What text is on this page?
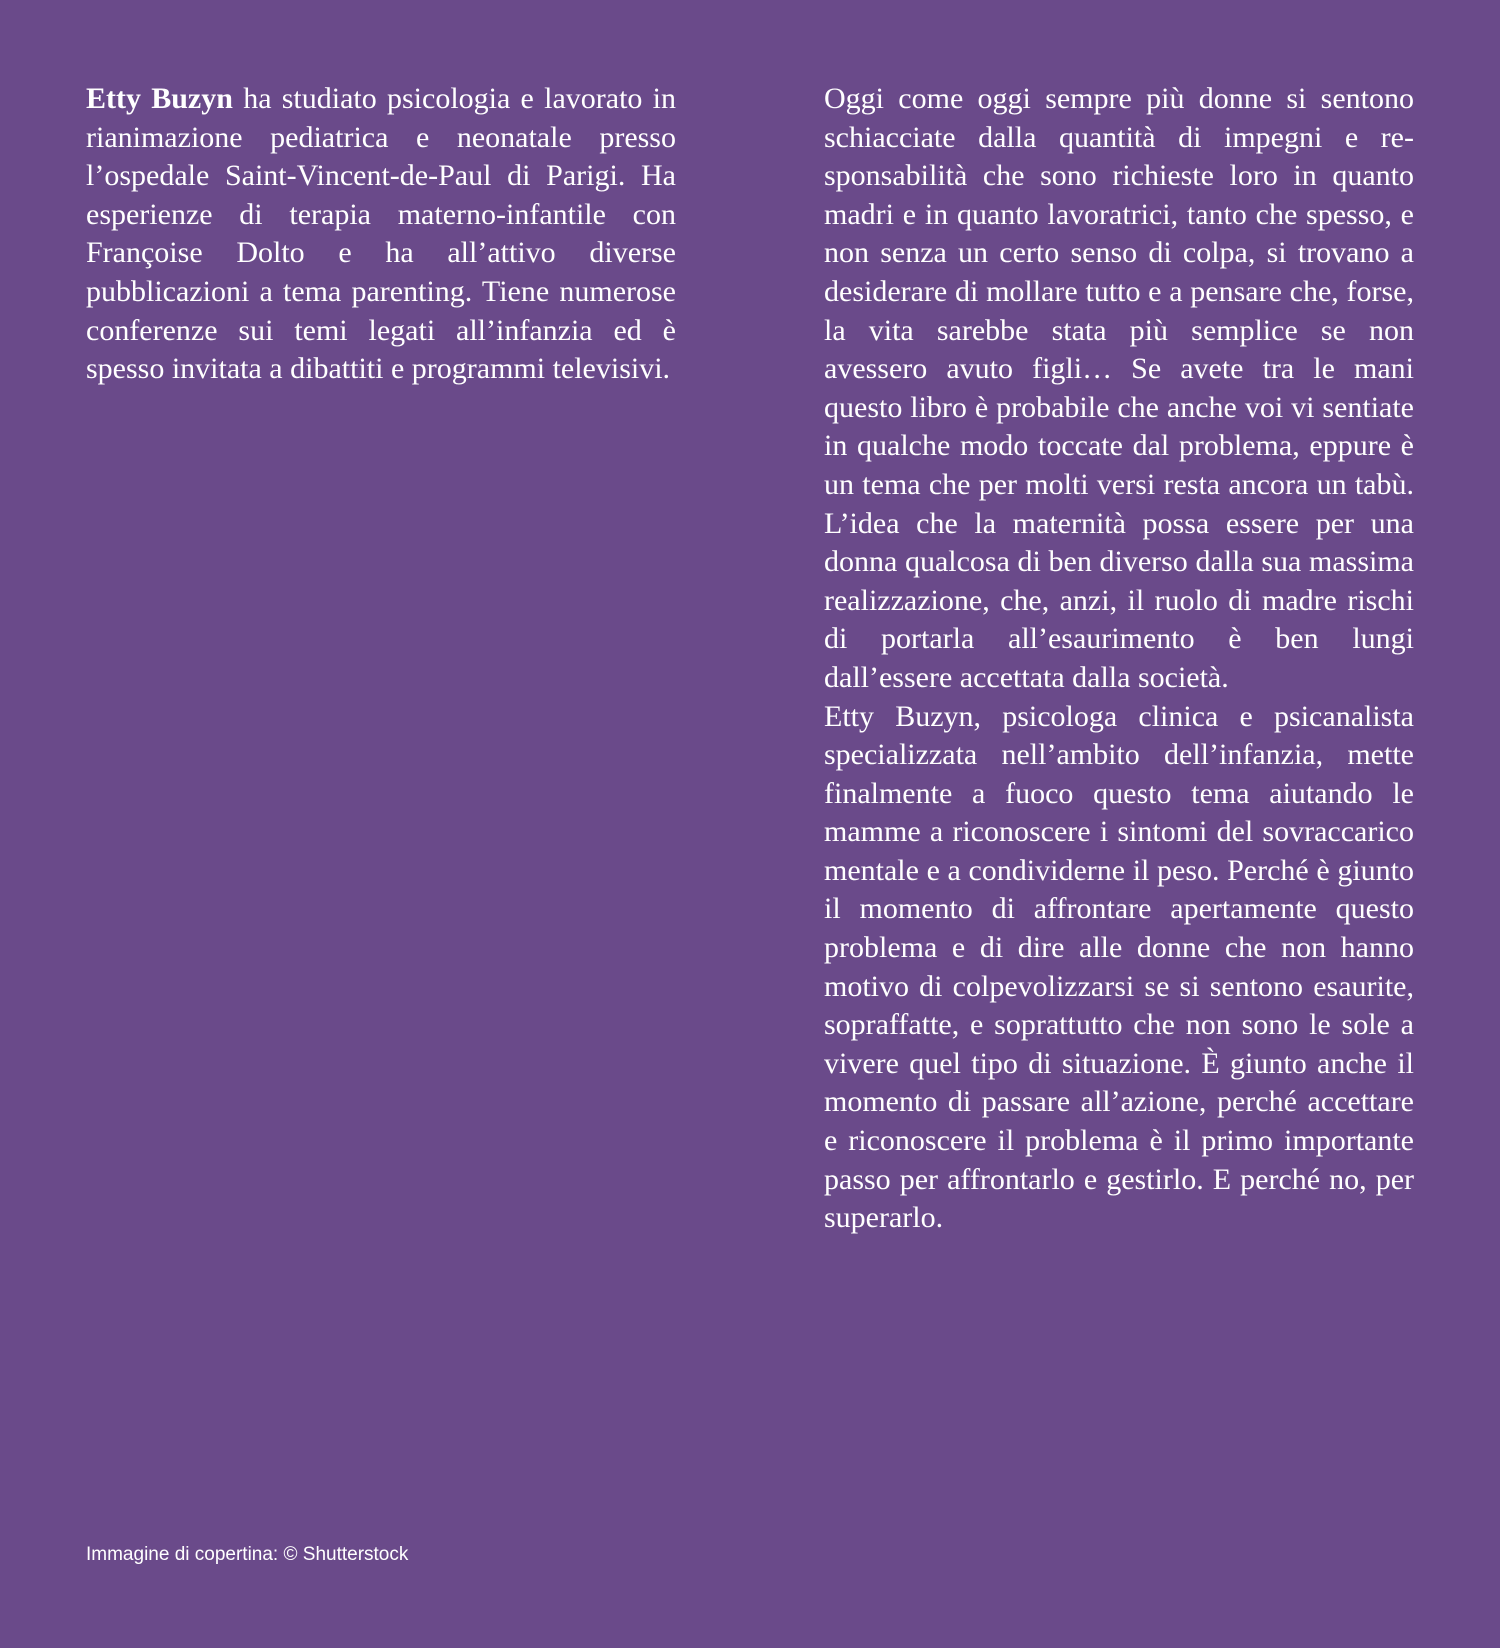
Etty Buzyn ha studiato psicologia e lavorato in rianimazione pediatrica e neonatale presso l’ospedale Saint-Vincent-de-Paul di Parigi. Ha esperienze di terapia materno-infantile con Françoise Dolto e ha all’attivo diverse pubblicazioni a tema parenting. Tiene numerose conferenze sui temi legati all’infanzia ed è spesso invitata a dibattiti e programmi televisivi.

Oggi come oggi sempre più donne si sentono schiacciate dalla quantità di impegni e responsabilità che sono richieste loro in quanto madri e in quanto lavoratrici, tanto che spesso, e non senza un certo senso di colpa, si trovano a desiderare di mollare tutto e a pensare che, forse, la vita sarebbe stata più semplice se non avessero avuto figli… Se avete tra le mani questo libro è probabile che anche voi vi sentiate in qualche modo toccate dal problema, eppure è un tema che per molti versi resta ancora un tabù. L’idea che la maternità possa essere per una donna qualcosa di ben diverso dalla sua massima realizzazione, che, anzi, il ruolo di madre rischi di portarla all’esaurimento è ben lungi dall’essere accettata dalla società.

Etty Buzyn, psicologa clinica e psicanalista specializzata nell’ambito dell’infanzia, mette finalmente a fuoco questo tema aiutando le mamme a riconoscere i sintomi del sovraccarico mentale e a condividerne il peso. Perché è giunto il momento di affrontare apertamente questo problema e di dire alle donne che non hanno motivo di colpevolizzarsi se si sentono esaurite, sopraffatte, e soprattutto che non sono le sole a vivere quel tipo di situazione. È giunto anche il momento di passare all’azione, perché accettare e riconoscere il problema è il primo importante passo per affrontarlo e gestirlo. E perché no, per superarlo.

Immagine di copertina: © Shutterstock
